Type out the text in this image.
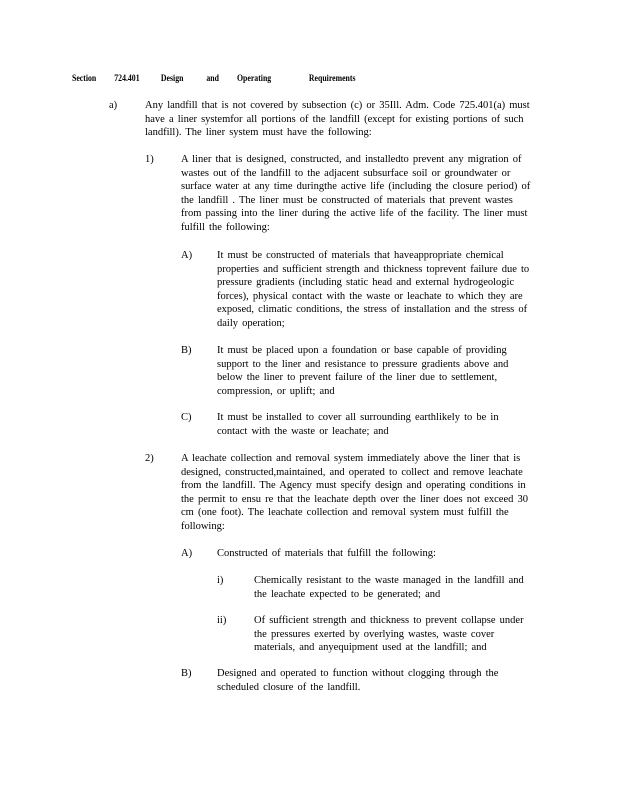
Section 724.401 Design and Operating	Requirements
a)	Any landfill that is not covered by subsection (c) or 35Ill. Adm. Code 725.401(a) must have a liner systemfor all portions of the landfill (except for existing portions of such landfill). The liner system must have the following:
1)	A liner that is designed, constructed, and installedto prevent any migration of wastes out of the landfill to the adjacent subsurface soil or groundwater or surface water at any time duringthe active life (including the closure period) of the landfill . The liner must be constructed of materials that prevent wastes from passing into the liner during the active life of the facility. The liner must fulfill the following:
A) It must be constructed of materials that haveappropriate chemical properties and sufficient strength and thickness toprevent failure due to pressure gradients (including static head and external hydrogeologic forces), physical contact with the waste or leachate to which they are exposed, climatic conditions, the stress of installation and the stress of daily operation;
B) It must be placed upon a foundation or base capable of providing support to the liner and resistance to pressure gradients above and below the liner to prevent failure of the liner due to settlement, compression, or uplift; and
C) It must be installed to cover all surrounding earthlikely to be in contact with the waste or leachate; and
2)	A leachate collection and removal system immediately above the liner that is designed, constructed,maintained, and operated to collect and remove leachate from the landfill. The Agency must specify design and operating conditions in the permit to ensu re that the leachate depth over the liner does not exceed 30 cm (one foot). The leachate collection and removal system must fulfill the following:
A) Constructed of materials that fulfill the following:
i)	Chemically resistant to the waste managed in the landfill and the leachate expected to be generated; and
ii)	Of sufficient strength and thickness to prevent collapse under the pressures exerted by overlying wastes, waste cover materials, and anyequipment used at the landfill; and
B) Designed and operated to function without clogging through the scheduled closure of the landfill.
